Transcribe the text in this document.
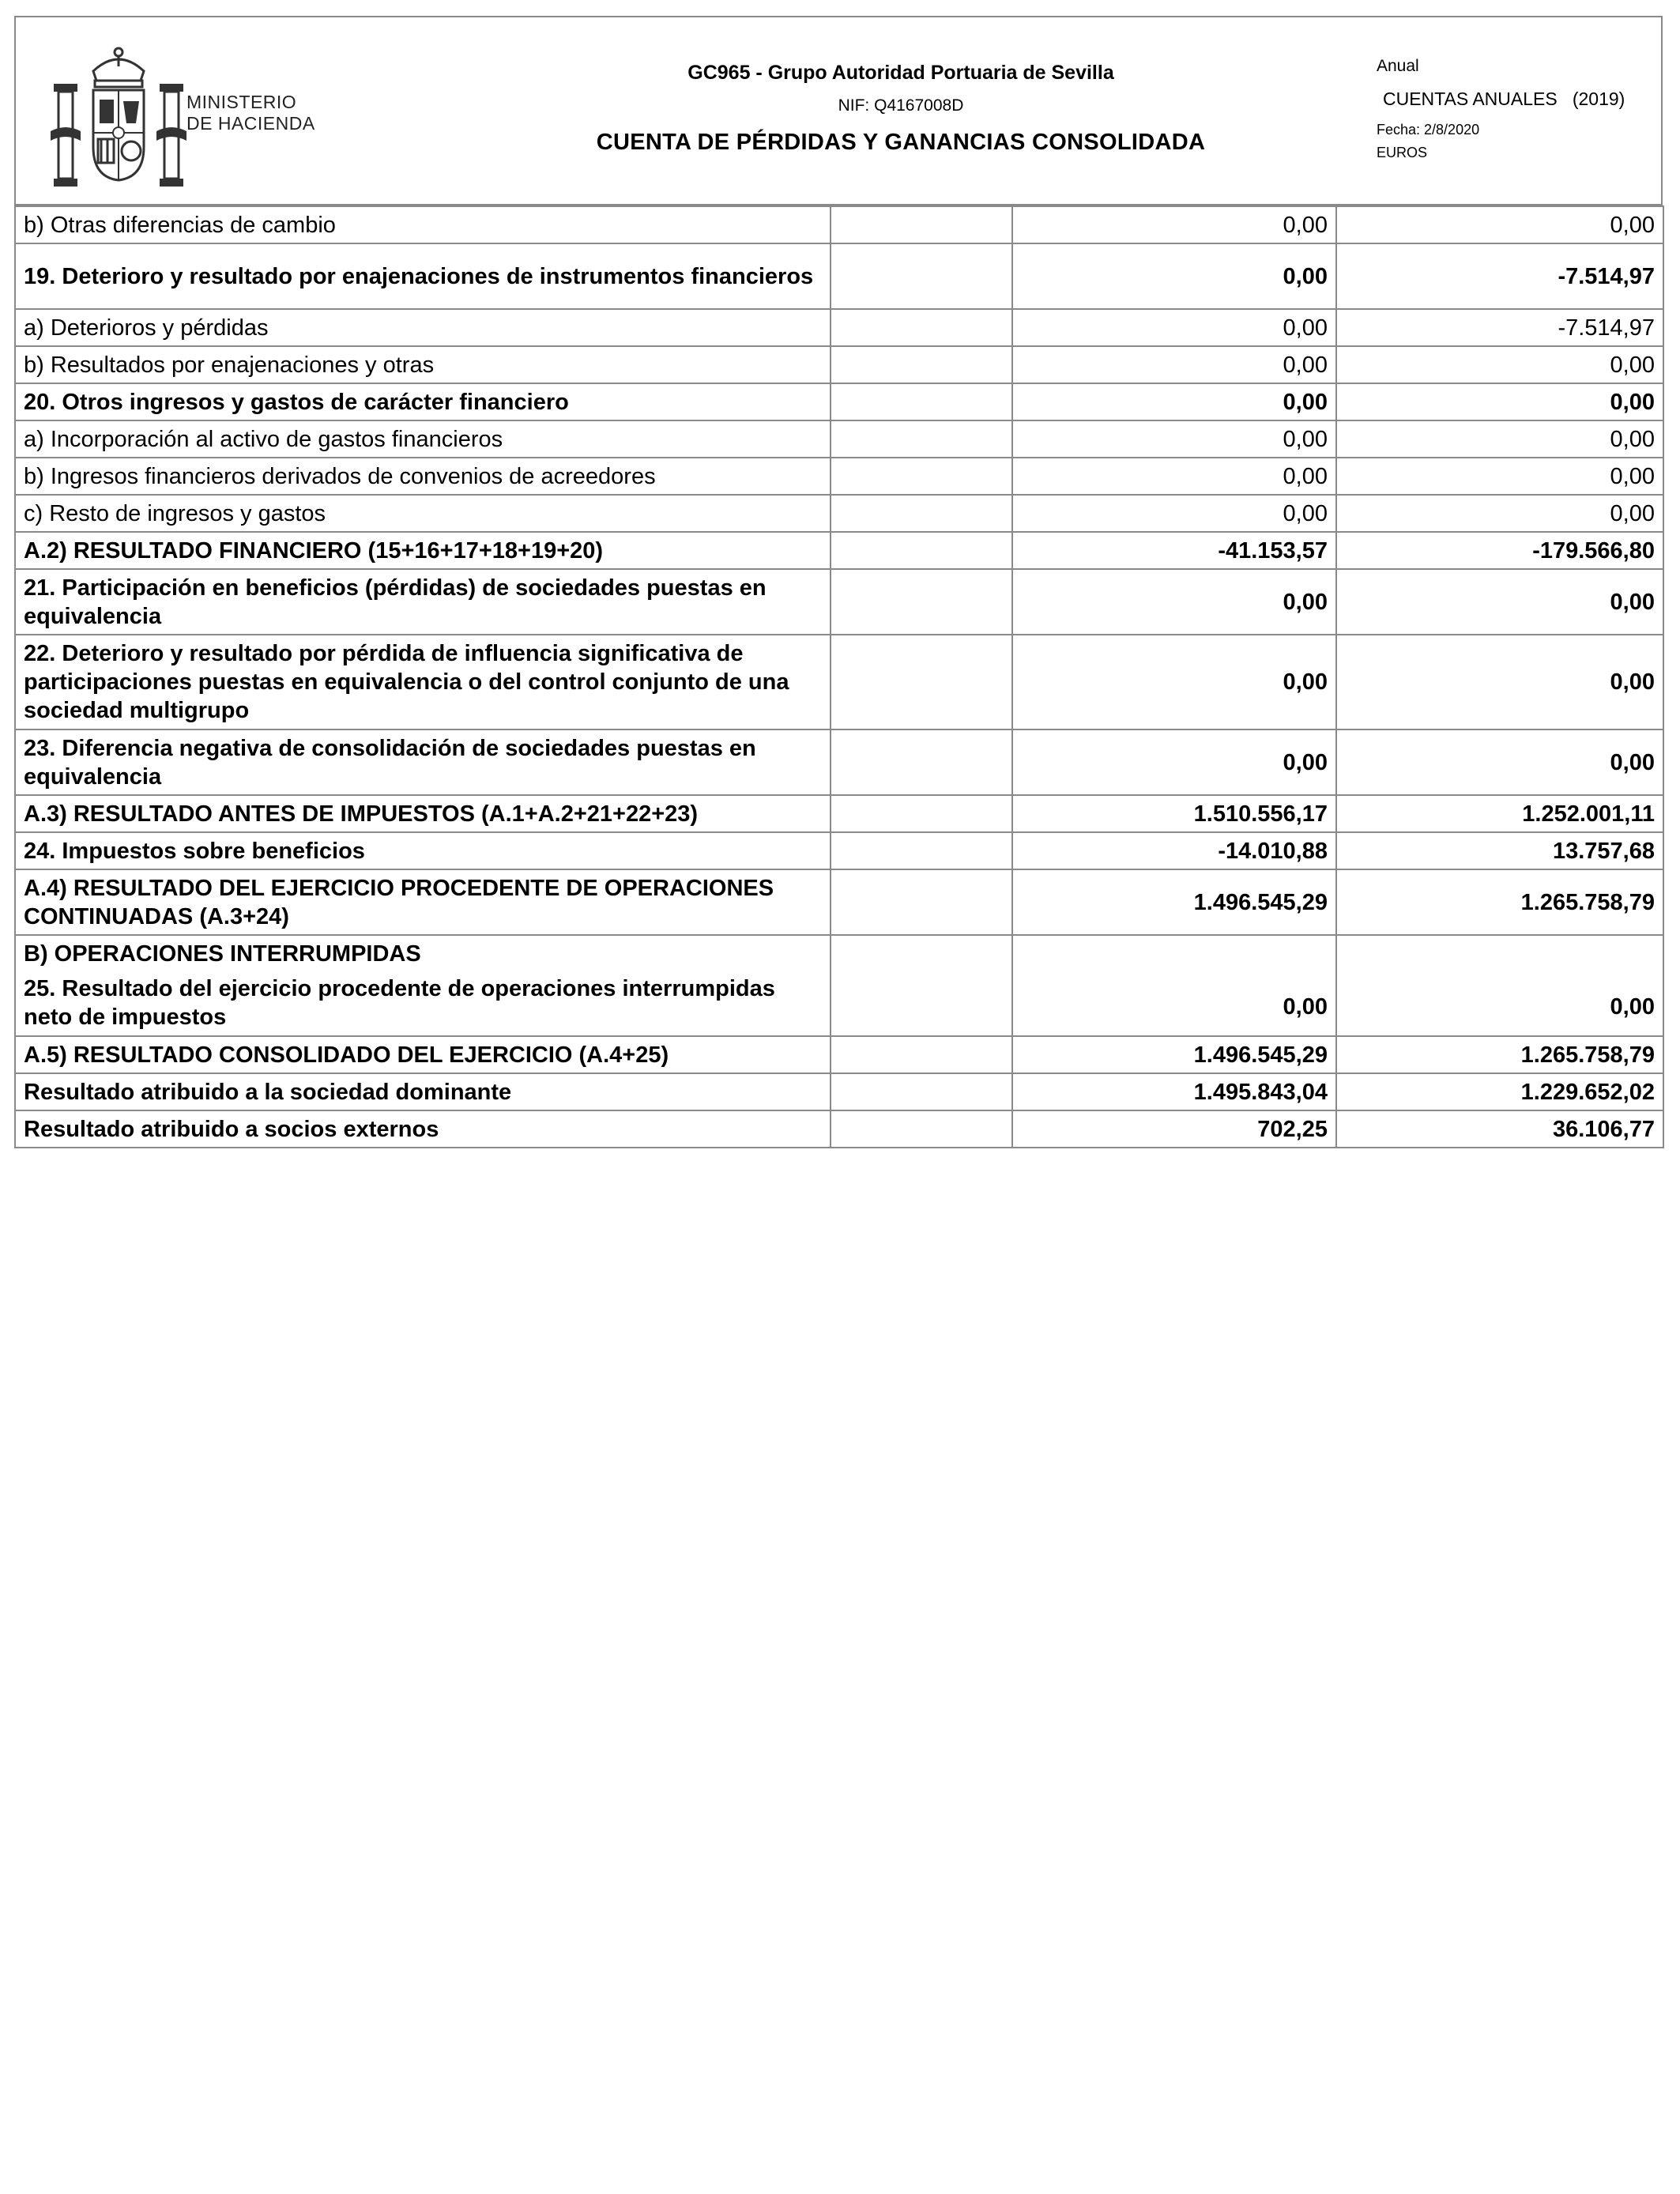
MINISTERIO
DE HACIENDA
GC965 - Grupo Autoridad Portuaria de Sevilla
NIF: Q4167008D
CUENTA DE PÉRDIDAS Y GANANCIAS CONSOLIDADA
Anual
CUENTAS ANUALES   (2019)
Fecha: 2/8/2020
EUROS
b) Otras diferencias de cambio		0,00	0,00
19. Deterioro y resultado por enajenaciones de instrumentos financieros		0,00	-7.514,97
a) Deterioros y pérdidas		0,00	-7.514,97
b) Resultados por enajenaciones y otras		0,00	0,00
20. Otros ingresos y gastos de carácter financiero		0,00	0,00
a) Incorporación al activo de gastos financieros		0,00	0,00
b) Ingresos financieros derivados de convenios de acreedores		0,00	0,00
c) Resto de ingresos y gastos		0,00	0,00
A.2) RESULTADO FINANCIERO (15+16+17+18+19+20)		-41.153,57	-179.566,80
21. Participación en beneficios (pérdidas) de sociedades puestas en equivalencia		0,00	0,00
22. Deterioro y resultado por pérdida de influencia significativa de participaciones puestas en equivalencia o del control conjunto de una sociedad multigrupo		0,00	0,00
23. Diferencia negativa de consolidación de sociedades puestas en equivalencia		0,00	0,00
A.3) RESULTADO ANTES DE IMPUESTOS (A.1+A.2+21+22+23)		1.510.556,17	1.252.001,11
24. Impuestos sobre beneficios		-14.010,88	13.757,68
A.4) RESULTADO DEL EJERCICIO PROCEDENTE DE OPERACIONES CONTINUADAS (A.3+24)		1.496.545,29	1.265.758,79

B) OPERACIONES INTERRUMPIDAS
25. Resultado del ejercicio procedente de operaciones interrumpidas neto de impuestos		0,00	0,00
A.5) RESULTADO CONSOLIDADO DEL EJERCICIO (A.4+25)		1.496.545,29	1.265.758,79
Resultado atribuido a la sociedad dominante		1.495.843,04	1.229.652,02
Resultado atribuido a socios externos		702,25	36.106,77
